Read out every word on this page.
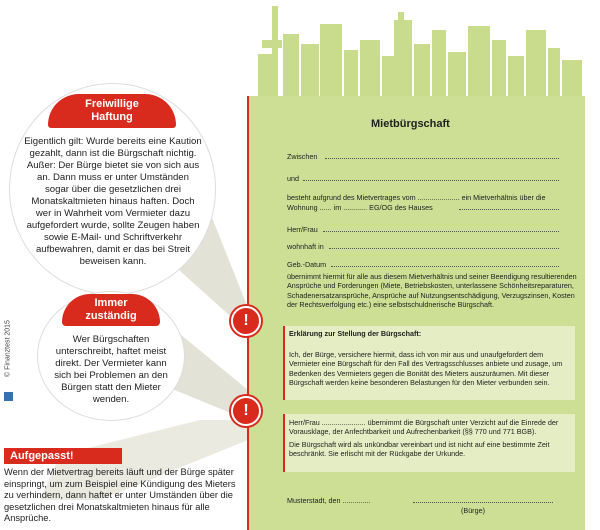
Freiwillige
Haftung
Eigentlich gilt: Wurde bereits eine Kaution gezahlt, dann ist die Bürgschaft nichtig. Außer: Der Bürge bietet sie von sich aus an. Dann muss er unter Umständen sogar über die gesetzlichen drei Monatskaltmieten hinaus haften. Doch wer in Wahrheit vom Vermieter dazu aufgefordert wurde, sollte Zeugen haben sowie E-Mail- und Schriftverkehr aufbewahren, damit er das bei Streit beweisen kann.
Immer
zuständig
Wer Bürgschaften unterschreibt, haftet meist direkt. Der Vermieter kann sich bei Problemen an den Bürgen statt den Mieter wenden.
© Finanztest 2015
Aufgepasst!
Wenn der Mietvertrag bereits läuft und der Bürge später einspringt, um zum Beispiel eine Kündigung des Mieters zu verhindern, dann haftet er unter Umständen über die gesetzlichen drei Monatskaltmieten hinaus für alle Ansprüche.
Mietbürgschaft
Zwischen
und
besteht aufgrund des Mietvertrages vom ..................... ein Mietverhältnis über die
Wohnung ...... im ............ EG/OG des Hauses
Herr/Frau
wohnhaft in
Geb.-Datum
übernimmt hiermit für alle aus diesem Mietverhältnis und seiner Beendigung resultierenden Ansprüche und Forderungen (Miete, Betriebskosten, unterlassene Schönheitsreparaturen, Schadenersatzansprüche, Ansprüche auf Nutzungsentschädigung, Verzugszinsen, Kosten der Rechtsverfolgung etc.) eine selbstschuldnerische Bürgschaft.
Erklärung zur Stellung der Bürgschaft:
Ich, der Bürge, versichere hiermit, dass ich von mir aus und unaufgefordert dem Vermieter eine Bürgschaft für den Fall des Vertragsschlusses anbiete und zusage, um Bedenken des Vermieters gegen die Bonität des Mieters auszuräumen. Mit dieser Bürgschaft werden keine besonderen Belastungen für den Mieter verbunden sein.
Herr/Frau ...................... übernimmt die Bürgschaft unter Verzicht auf die Einrede der Vorausklage, der Anfechtbarkeit und Aufrechenbarkeit (§§ 770 und 771 BGB).
Die Bürgschaft wird als unkündbar vereinbart und ist nicht auf eine bestimmte Zeit beschränkt. Sie erlischt mit der Rückgabe der Urkunde.
Musterstadt, den ..............
(Bürge)
!
!
